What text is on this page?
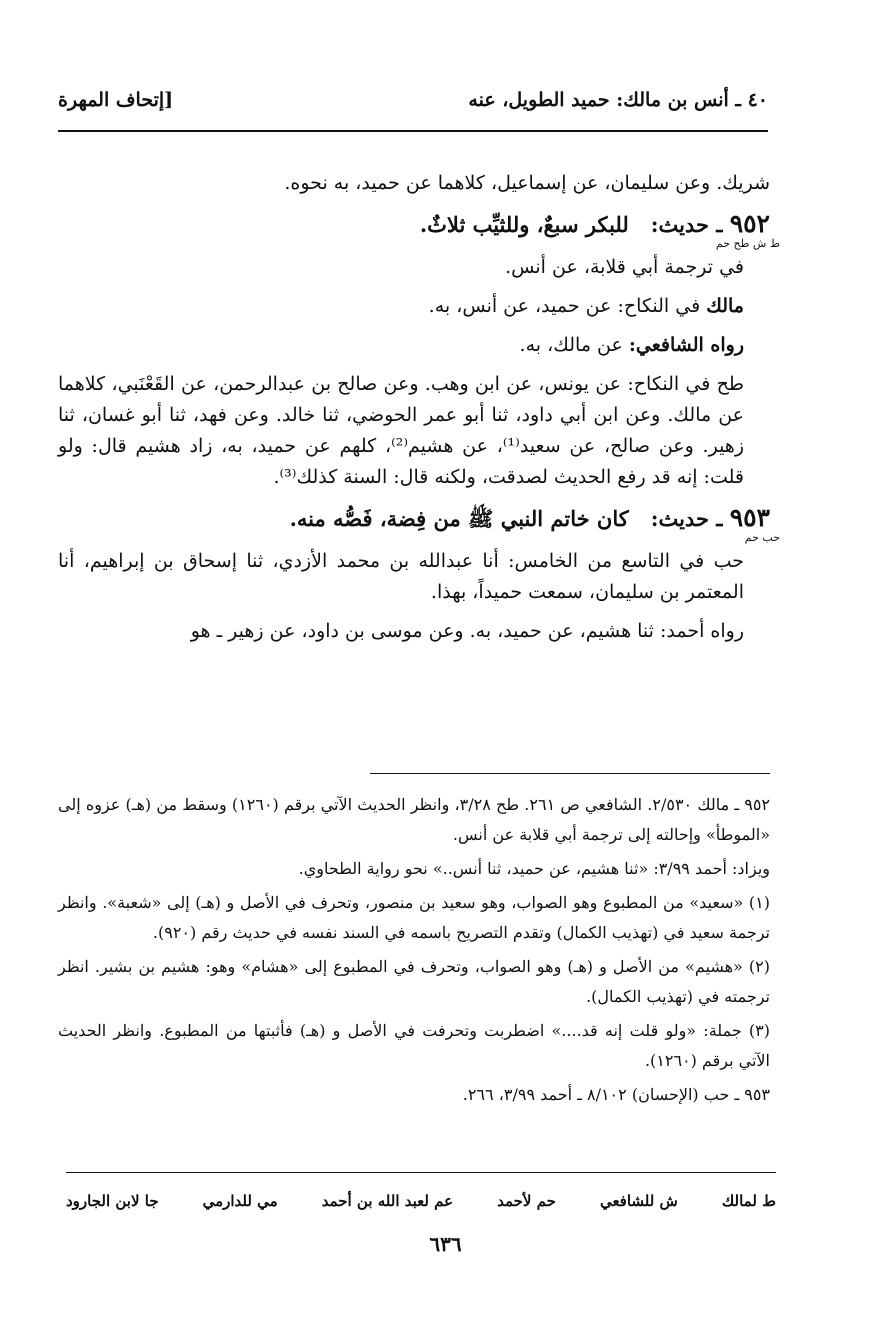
٤٠ ـ أنس بن مالك: حميد الطويل، عنه
[إتحاف المهرة

شريك. وعن سليمان، عن إسماعيل، كلاهما عن حميد، به نحوه.

٩٥٢ ـ حديث:   للبكر سبعٌ، وللثيِّب ثلاثٌ.
ط ش طح حم

في ترجمة أبي قلابة، عن أنس.

مالك في النكاح: عن حميد، عن أنس، به.

رواه الشافعي: عن مالك، به.

طح في النكاح: عن يونس، عن ابن وهب. وعن صالح بن عبدالرحمن، عن القَعْنَبي، كلاهما عن مالك. وعن ابن أبي داود، ثنا أبو عمر الحوضي، ثنا خالد. وعن فهد، ثنا أبو غسان، ثنا زهير. وعن صالح، عن سعيد⁽¹⁾، عن هشيم⁽²⁾، كلهم عن حميد، به، زاد هشيم قال: ولو قلت: إنه قد رفع الحديث لصدقت، ولكنه قال: السنة كذلك⁽³⁾.

٩٥٣ ـ حديث:   كان خاتم النبي ﷺ من فِضة، فَصُّه منه.
حب حم

حب في التاسع من الخامس: أنا عبدالله بن محمد الأزدي، ثنا إسحاق بن إبراهيم، أنا المعتمر بن سليمان، سمعت حميداً، بهذا.

رواه أحمد: ثنا هشيم، عن حميد، به. وعن موسى بن داود، عن زهير ـ هو

٩٥٢ ـ مالك ٢/٥٣٠. الشافعي ص ٢٦١. طح ٣/٢٨، وانظر الحديث الآتي برقم (١٢٦٠) وسقط من (هـ) عزوه إلى «الموطأ» وإحالته إلى ترجمة أبي قلابة عن أنس.

ويزاد: أحمد ٣/٩٩: «ثنا هشيم، عن حميد، ثنا أنس..» نحو رواية الطحاوي.

(١) «سعيد» من المطبوع وهو الصواب، وهو سعيد بن منصور، وتحرف في الأصل و (هـ) إلى «شعبة». وانظر ترجمة سعيد في (تهذيب الكمال) وتقدم التصريح باسمه في السند نفسه في حديث رقم (٩٢٠).

(٢) «هشيم» من الأصل و (هـ) وهو الصواب، وتحرف في المطبوع إلى «هشام» وهو: هشيم بن بشير. انظر ترجمته في (تهذيب الكمال).

(٣) جملة: «ولو قلت إنه قد....» اضطربت وتحرفت في الأصل و (هـ) فأثبتها من المطبوع. وانظر الحديث الآتي برقم (١٢٦٠).

٩٥٣ ـ حب (الإحسان) ٨/١٠٢ ـ أحمد ٣/٩٩، ٢٦٦.

ط لمالك
ش للشافعي
حم لأحمد
عم لعبد الله بن أحمد
مي للدارمي
جا لابن الجارود
٦٣٦
